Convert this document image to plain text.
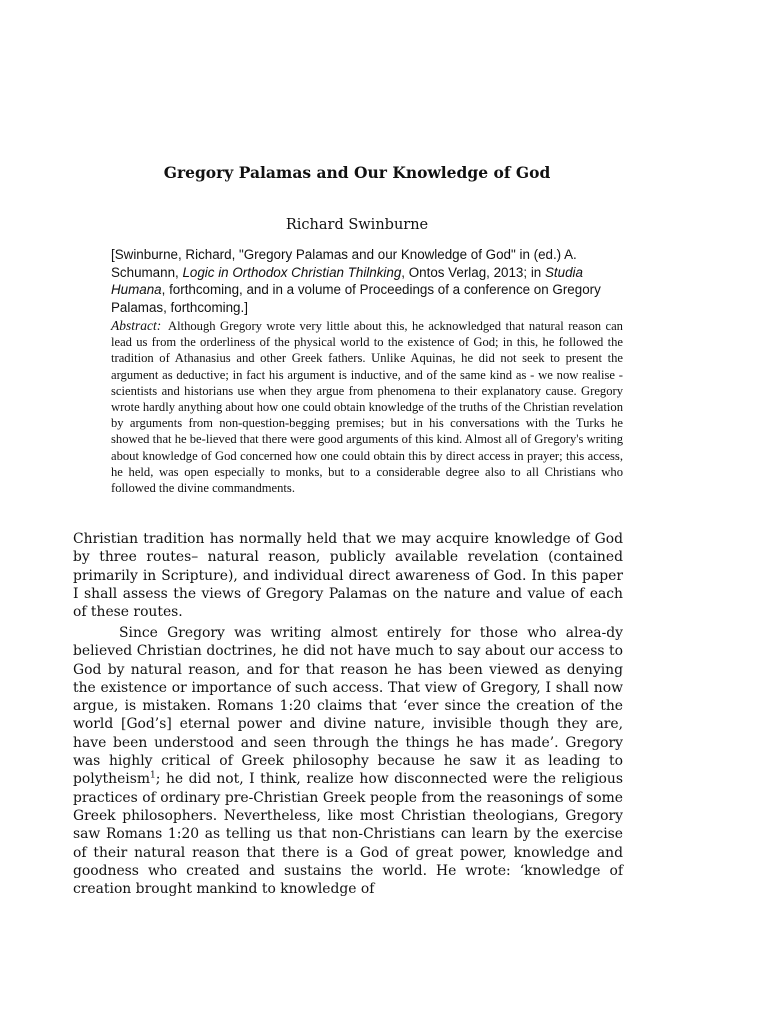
Gregory Palamas and Our Knowledge of God

Richard Swinburne

[Swinburne, Richard, "Gregory Palamas and our Knowledge of God" in (ed.) A. Schumann, Logic in Orthodox Christian Thilnking, Ontos Verlag, 2013; in Studia Humana, forthcoming, and in a volume of Proceedings of a conference on Gregory Palamas, forthcoming.]

Abstract: Although Gregory wrote very little about this, he acknowledged that natural reason can lead us from the orderliness of the physical world to the existence of God; in this, he followed the tradition of Athanasius and other Greek fathers. Unlike Aquinas, he did not seek to present the argument as deductive; in fact his argument is inductive, and of the same kind as - we now realise - scientists and historians use when they argue from phenomena to their explanatory cause. Gregory wrote hardly anything about how one could obtain knowledge of the truths of the Christian revelation by arguments from non-question-begging premises; but in his conversations with the Turks he showed that he be-lieved that there were good arguments of this kind. Almost all of Gregory's writing about knowledge of God concerned how one could obtain this by direct access in prayer; this access, he held, was open especially to monks, but to a considerable degree also to all Christians who followed the divine commandments.

Christian tradition has normally held that we may acquire knowledge of God by three routes– natural reason, publicly available revelation (contained primarily in Scripture), and individual direct awareness of God. In this paper I shall assess the views of Gregory Palamas on the nature and value of each of these routes.

Since Gregory was writing almost entirely for those who alrea-dy believed Christian doctrines, he did not have much to say about our access to God by natural reason, and for that reason he has been viewed as denying the existence or importance of such access. That view of Gregory, I shall now argue, is mistaken. Romans 1:20 claims that ‘ever since the creation of the world [God’s] eternal power and divine nature, invisible though they are, have been understood and seen through the things he has made’. Gregory was highly critical of Greek philosophy because he saw it as leading to polytheism$^1$; he did not, I think, realize how disconnected were the religious practices of ordinary pre-Christian Greek people from the reasonings of some Greek philosophers. Nevertheless, like most Christian theologians, Gregory saw Romans 1:20 as telling us that non-Christians can learn by the exercise of their natural reason that there is a God of great power, knowledge and goodness who created and sustains the world. He wrote: ‘knowledge of creation brought mankind to knowledge of
